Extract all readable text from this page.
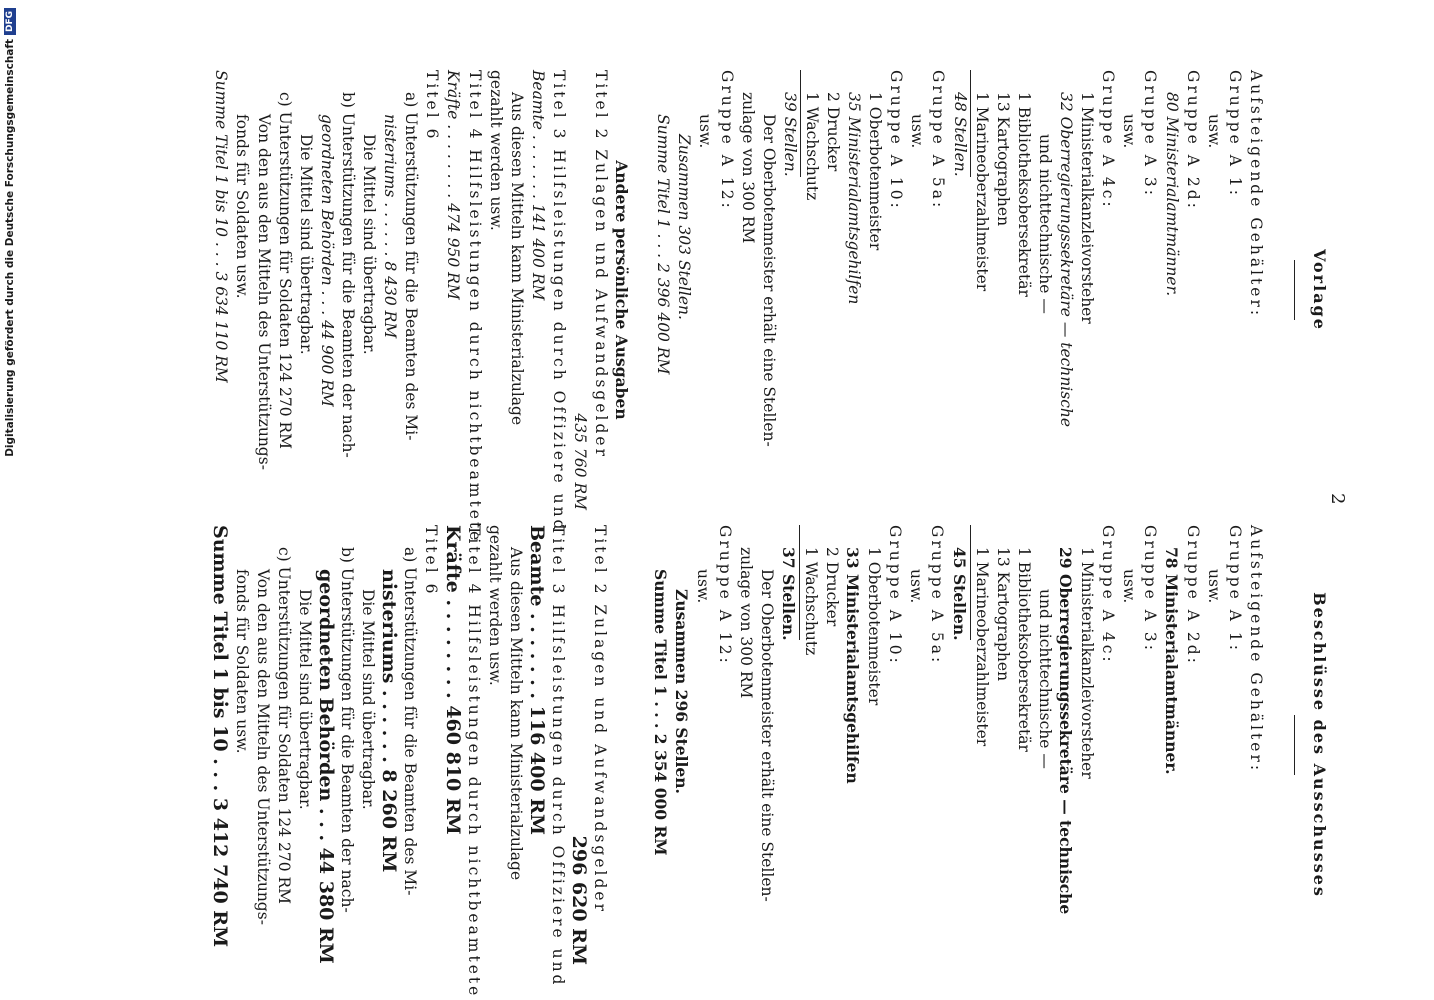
2
Vorlage
Aufsteigende Gehälter:
Gruppe A 1:
usw.
Gruppe A 2d:
80 Ministerialamtmänner.
Gruppe A 3:
usw.
Gruppe A 4c:
1 Ministerialkanzleivorsteher
32 Oberregierungssekretäre — technische
und nichttechnische —
1 Bibliotheksobersekretär
13 Kartographen
1 Marineoberzahlmeister
48 Stellen.
Gruppe A 5a:
usw.
Gruppe A 10:
1 Oberbotenmeister
35 Ministerialamtsgehilfen
2 Drucker
1 Wachschutz
39 Stellen.
Der Oberbotenmeister erhält eine Stellen-
zulage von 300 RM
Gruppe A 12:
usw.
Zusammen 303 Stellen.
Summe Titel 1 . . . 2 396 400 RM
Andere persönliche Ausgaben
Titel 2 Zulagen und Aufwandsgelder
435 760 RM
Titel 3 Hilfsleistungen durch Offiziere und
Beamte . . . . . . . 141 400 RM
Aus diesen Mitteln kann Ministerialzulage
gezahlt werden usw.
Titel 4 Hilfsleistungen durch nichtbeamtete
Kräfte . . . . . . . . 474 950 RM
Titel 6
a) Unterstützungen für die Beamten des Mi-
nisteriums . . . . . . 8 430 RM
Die Mittel sind übertragbar.
b) Unterstützungen für die Beamten der nach-
geordneten Behörden . . . 44 900 RM
Die Mittel sind übertragbar.
c) Unterstützungen für Soldaten 124 270 RM
Von den aus den Mitteln des Unterstützungs-
fonds für Soldaten usw.
Summe Titel 1 bis 10 . . . 3 634 110 RM
Beschlüsse des Ausschusses
Aufsteigende Gehälter:
Gruppe A 1:
usw.
Gruppe A 2d:
78 Ministerialamtmänner.
Gruppe A 3:
usw.
Gruppe A 4c:
1 Ministerialkanzleivorsteher
29 Oberregierungssekretäre — technische
und nichttechnische —
1 Bibliotheksobersekretär
13 Kartographen
1 Marineoberzahlmeister
45 Stellen.
Gruppe A 5a:
usw.
Gruppe A 10:
1 Oberbotenmeister
33 Ministerialamtsgehilfen
2 Drucker
1 Wachschutz
37 Stellen.
Der Oberbotenmeister erhält eine Stellen-
zulage von 300 RM
Gruppe A 12:
usw.
Zusammen 296 Stellen.
Summe Titel 1 . . . 2 354 000 RM
Titel 2 Zulagen und Aufwandsgelder
296 620 RM
Titel 3 Hilfsleistungen durch Offiziere und
Beamte . . . . . . . 116 400 RM
Aus diesen Mitteln kann Ministerialzulage
gezahlt werden usw.
Titel 4 Hilfsleistungen durch nichtbeamtete
Kräfte . . . . . . . . 460 810 RM
Titel 6
a) Unterstützungen für die Beamten des Mi-
nisteriums . . . . . . 8 260 RM
Die Mittel sind übertragbar.
b) Unterstützungen für die Beamten der nach-
geordneten Behörden . . . 44 380 RM
Die Mittel sind übertragbar.
c) Unterstützungen für Soldaten 124 270 RM
Von den aus den Mitteln des Unterstützungs-
fonds für Soldaten usw.
Summe Titel 1 bis 10 . . . 3 412 740 RM
Digitalisierung gefördert durch die Deutsche Forschungsgemeinschaft
DFG
